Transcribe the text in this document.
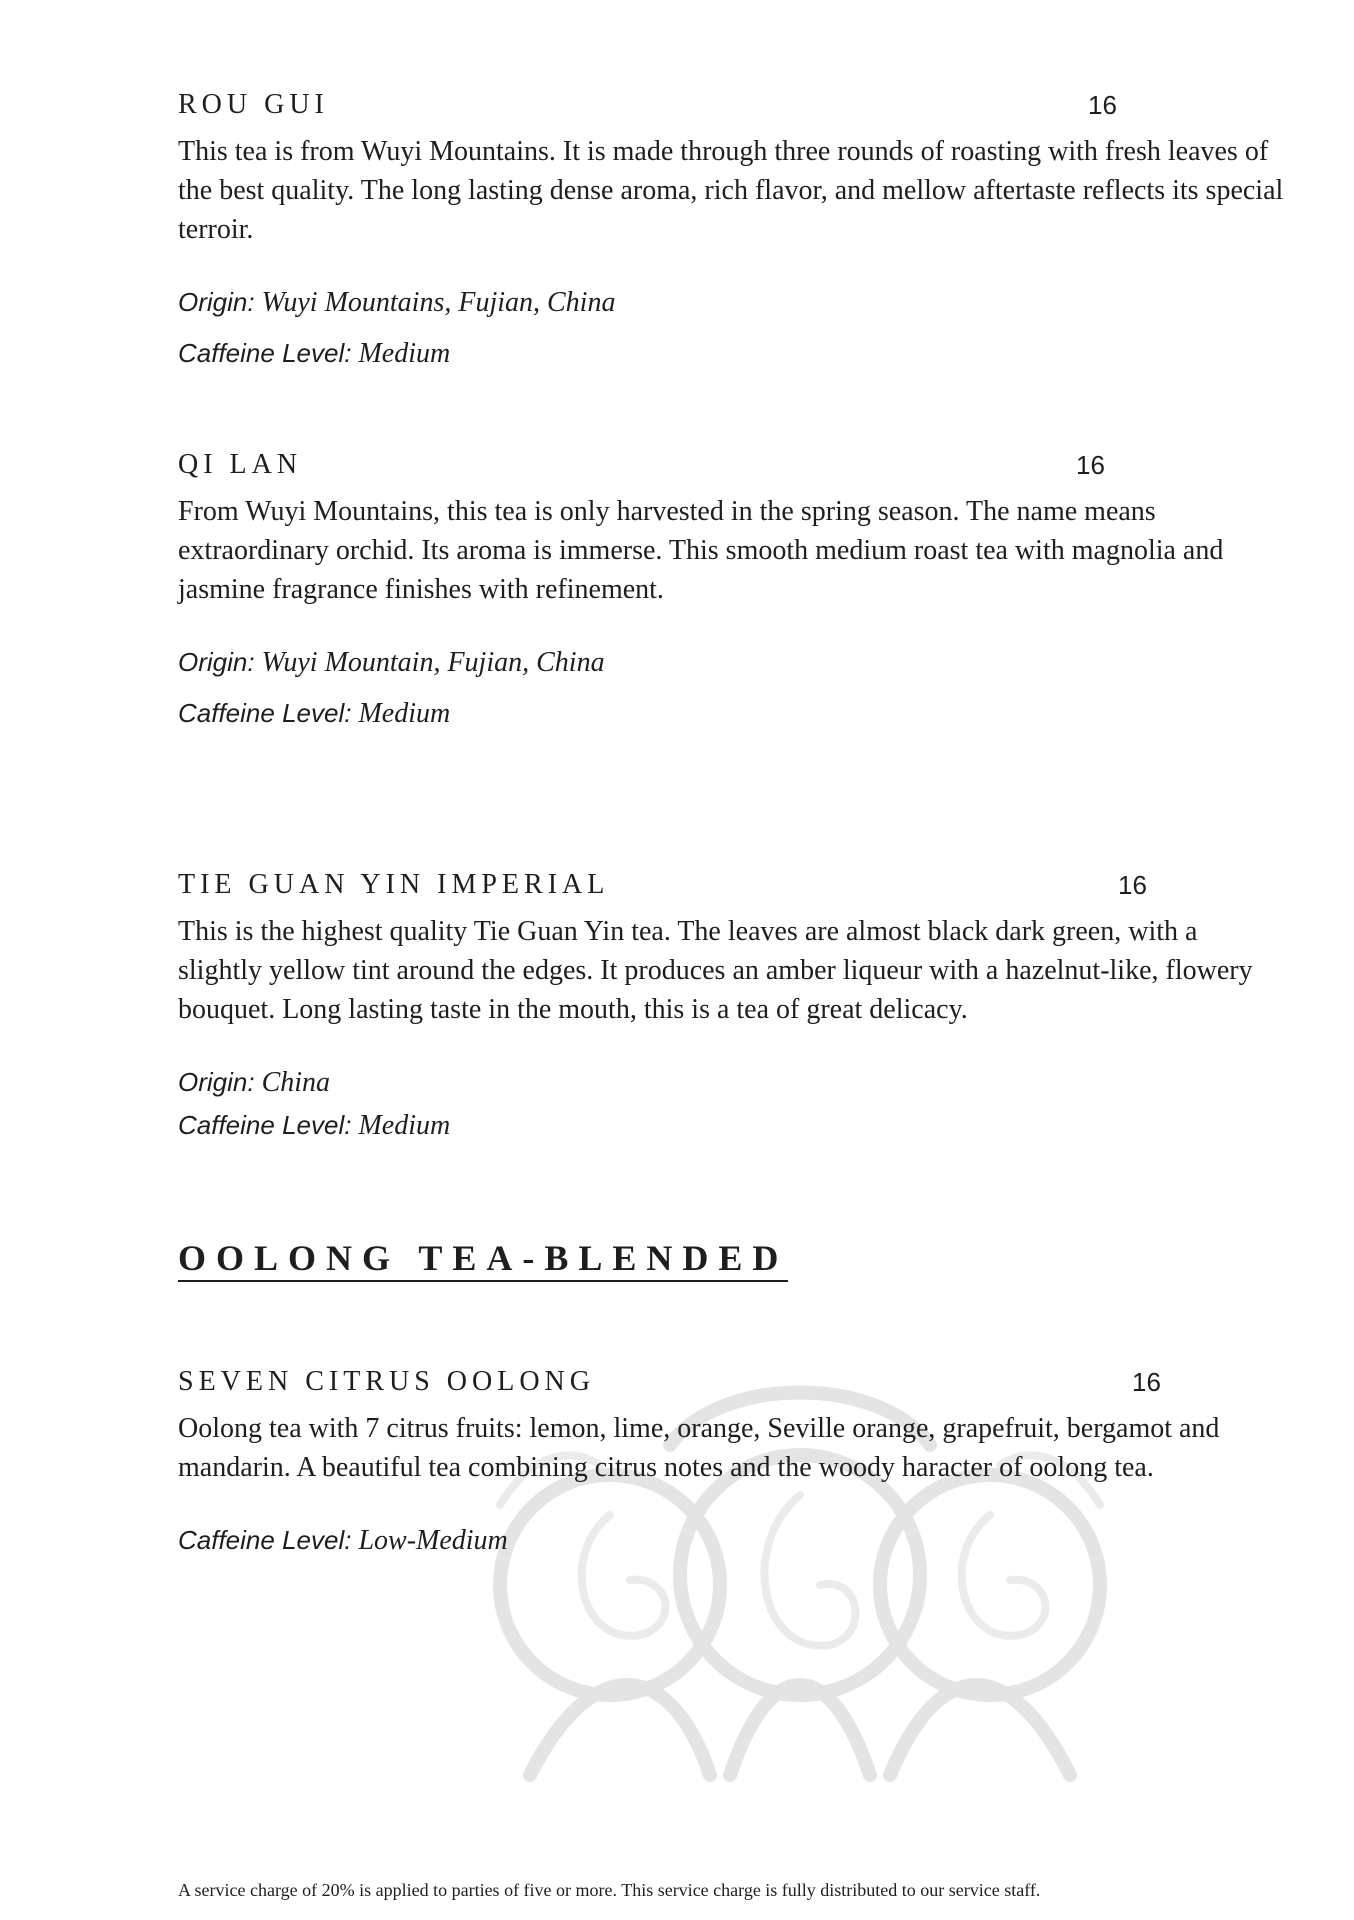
ROU GUI	16

This tea is from Wuyi Mountains. It is made through three rounds of roasting with fresh leaves of the best quality. The long lasting dense aroma, rich flavor, and mellow aftertaste reflects its special terroir.

Origin: Wuyi Mountains, Fujian, China

Caffeine Level: Medium

QI LAN	16

From Wuyi Mountains, this tea is only harvested in the spring season. The name means extraordinary orchid. Its aroma is immerse. This smooth medium roast tea with magnolia and jasmine fragrance finishes with refinement.

Origin: Wuyi Mountain, Fujian, China

Caffeine Level: Medium

TIE GUAN YIN IMPERIAL	16

This is the highest quality Tie Guan Yin tea. The leaves are almost black dark green, with a slightly yellow tint around the edges. It produces an amber liqueur with a hazelnut-like, flowery bouquet. Long lasting taste in the mouth, this is a tea of great delicacy.

Origin: China

Caffeine Level: Medium

OOLONG TEA-BLENDED
SEVEN CITRUS OOLONG	16

Oolong tea with 7 citrus fruits: lemon, lime, orange, Seville orange, grapefruit, bergamot and mandarin. A beautiful tea combining citrus notes and the woody haracter of oolong tea.

Caffeine Level: Low-Medium

A service charge of 20% is applied to parties of five or more. This service charge is fully distributed to our service staff.
